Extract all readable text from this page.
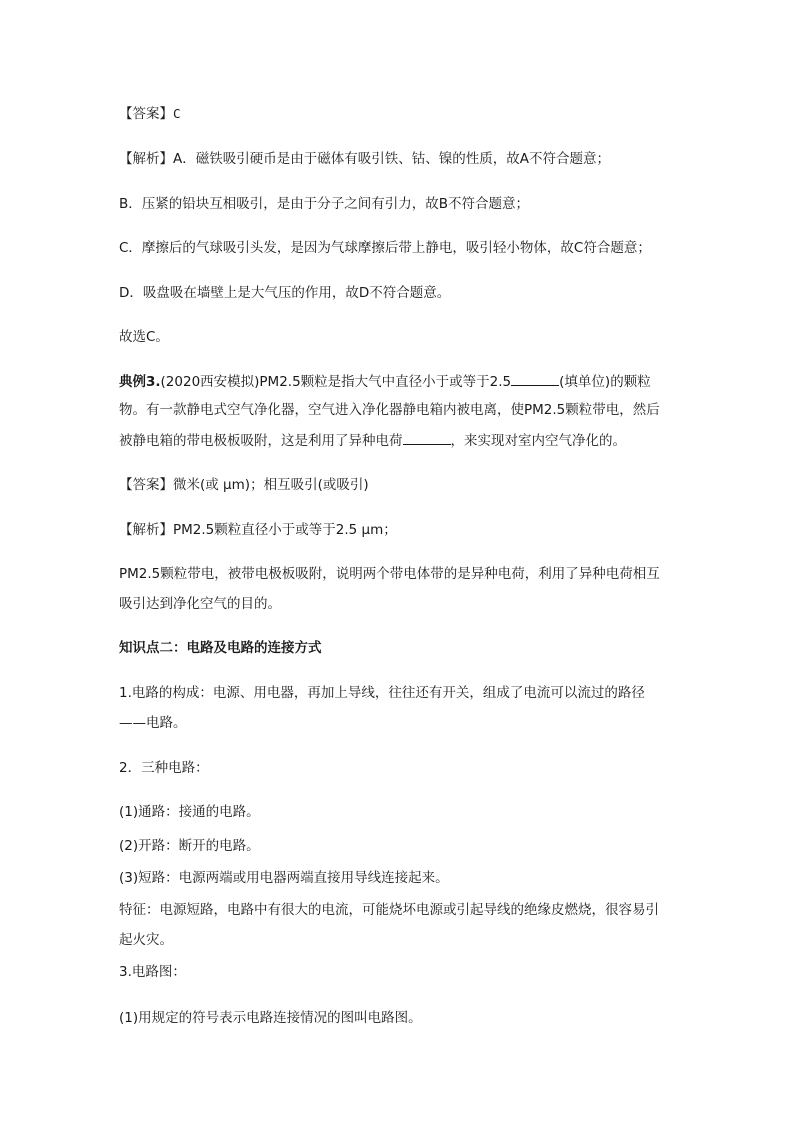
【答案】C
【解析】A．磁铁吸引硬币是由于磁体有吸引铁、钴、镍的性质，故A不符合题意；
B．压紧的铅块互相吸引，是由于分子之间有引力，故B不符合题意；
C．摩擦后的气球吸引头发，是因为气球摩擦后带上静电，吸引轻小物体，故C符合题意；
D．吸盘吸在墙壁上是大气压的作用，故D不符合题意。
故选C。
典例3.(2020西安模拟)PM2.5颗粒是指大气中直径小于或等于2.5	(填单位)的颗粒
物。有一款静电式空气净化器，空气进入净化器静电箱内被电离，使PM2.5颗粒带电，然后
被静电箱的带电极板吸附，这是利用了异种电荷	，来实现对室内空气净化的。
【答案】微米(或 μm)；相互吸引(或吸引)
【解析】PM2.5颗粒直径小于或等于2.5 μm；
PM2.5颗粒带电，被带电极板吸附，说明两个带电体带的是异种电荷，利用了异种电荷相互
吸引达到净化空气的目的。
知识点二：电路及电路的连接方式
1.电路的构成：电源、用电器，再加上导线，往往还有开关，组成了电流可以流过的路径
——电路。
2．三种电路：
(1)通路：接通的电路。
(2)开路：断开的电路。
(3)短路：电源两端或用电器两端直接用导线连接起来。
特征：电源短路，电路中有很大的电流，可能烧坏电源或引起导线的绝缘皮燃烧，很容易引
起火灾。
3.电路图：
(1)用规定的符号表示电路连接情况的图叫电路图。
